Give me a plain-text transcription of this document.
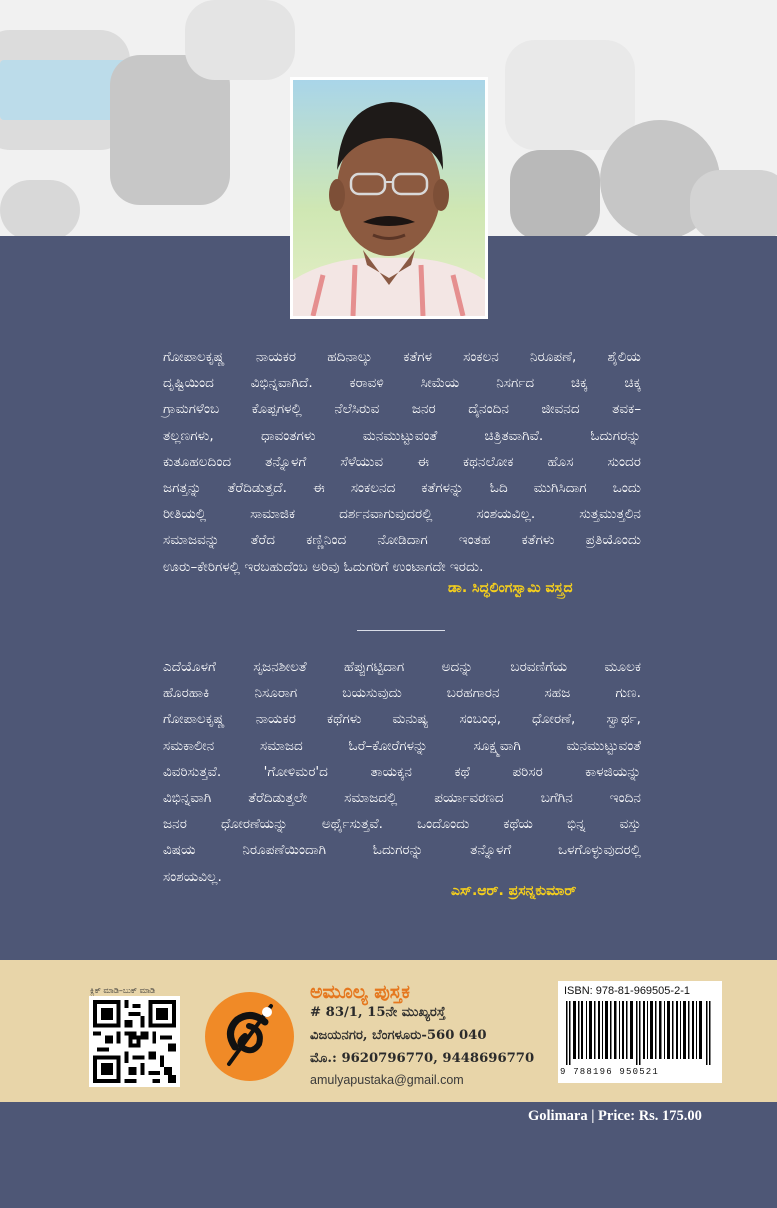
ಗೋಪಾಲಕೃಷ್ಣ ನಾಯಕರ ಹದಿನಾಲ್ಕು ಕತೆಗಳ ಸಂಕಲನ ನಿರೂಪಣೆ, ಶೈಲಿಯ
ದೃಷ್ಟಿಯಿಂದ ವಿಭಿನ್ನವಾಗಿದೆ. ಕರಾವಳಿ ಸೀಮೆಯ ನಿಸರ್ಗದ ಚಿಕ್ಕ ಚಿಕ್ಕ
ಗ್ರಾಮಗಳೆಂಬ ಕೊಪ್ಪಗಳಲ್ಲಿ ನೆಲೆಸಿರುವ ಜನರ ದೈನಂದಿನ ಜೀವನದ ತವಕ–
ತಲ್ಲಣಗಳು, ಧಾವಂತಗಳು ಮನಮುಟ್ಟುವಂತೆ ಚಿತ್ರಿತವಾಗಿವೆ. ಓದುಗರನ್ನು
ಕುತೂಹಲದಿಂದ ತನ್ನೊಳಗೆ ಸೆಳೆಯುವ ಈ ಕಥನಲೋಕ ಹೊಸ ಸುಂದರ
ಜಗತ್ತನ್ನು ತೆರೆದಿಡುತ್ತದೆ. ಈ ಸಂಕಲನದ ಕತೆಗಳನ್ನು ಓದಿ ಮುಗಿಸಿದಾಗ ಒಂದು
ರೀತಿಯಲ್ಲಿ ಸಾಮಾಜಿಕ ದರ್ಶನವಾಗುವುದರಲ್ಲಿ ಸಂಶಯವಿಲ್ಲ. ಸುತ್ತಮುತ್ತಲಿನ
ಸಮಾಜವನ್ನು ತೆರೆದ ಕಣ್ಣಿನಿಂದ ನೋಡಿದಾಗ ಇಂತಹ ಕತೆಗಳು ಪ್ರತಿಯೊಂದು
ಊರು–ಕೇರಿಗಳಲ್ಲಿ ಇರಬಹುದೆಂಬ ಅರಿವು ಓದುಗರಿಗೆ ಉಂಟಾಗದೇ ಇರದು.
ಡಾ. ಸಿದ್ಧಲಿಂಗಸ್ವಾಮಿ ವಸ್ತ್ರದ
ಎದೆಯೊಳಗೆ ಸೃಜನಶೀಲತೆ ಹೆಪ್ಪುಗಟ್ಟಿದಾಗ ಅದನ್ನು ಬರವಣಿಗೆಯ ಮೂಲಕ
ಹೊರಹಾಕಿ ನಿಸೂರಾಗ ಬಯಸುವುದು ಬರಹಗಾರನ ಸಹಜ ಗುಣ.
ಗೋಪಾಲಕೃಷ್ಣ ನಾಯಕರ ಕಥೆಗಳು ಮನುಷ್ಯ ಸಂಬಂಧ, ಧೋರಣೆ, ಸ್ವಾರ್ಥ,
ಸಮಕಾಲೀನ ಸಮಾಜದ ಓರೆ–ಕೋರೆಗಳನ್ನು ಸೂಕ್ಷ್ಮವಾಗಿ ಮನಮುಟ್ಟುವಂತೆ
ವಿವರಿಸುತ್ತವೆ. 'ಗೋಳಿಮರ'ದ ತಾಯಕ್ಕನ ಕಥೆ ಪರಿಸರ ಕಾಳಜಿಯನ್ನು
ವಿಭಿನ್ನವಾಗಿ ತೆರೆದಿಡುತ್ತಲೇ ಸಮಾಜದಲ್ಲಿ ಪರ್ಯಾವರಣದ ಬಗೆಗಿನ ಇಂದಿನ
ಜನರ ಧೋರಣೆಯನ್ನು ಅರ್ಥೈಸುತ್ತವೆ. ಒಂದೊಂದು ಕಥೆಯ ಭಿನ್ನ ವಸ್ತು
ವಿಷಯ ನಿರೂಪಣೆಯಿಂದಾಗಿ ಓದುಗರನ್ನು ತನ್ನೊಳಗೆ ಒಳಗೊಳ್ಳುವುದರಲ್ಲಿ
ಸಂಶಯವಿಲ್ಲ.
ಎಸ್.ಆರ್. ಪ್ರಸನ್ನಕುಮಾರ್
ಕ್ಲಿಕ್ ಮಾಡಿ–ಬುಕ್ ಮಾಡಿ	ಅಮೂಲ್ಯ ಪುಸ್ತಕ
# 83/1, 15ನೇ ಮುಖ್ಯರಸ್ತೆ
ವಿಜಯನಗರ, ಬೆಂಗಳೂರು-560 040
ಮೊ.: 9620796770, 9448696770
amulyapustaka@gmail.com
ISBN: 978-81-969505-2-1
9 788196 950521
Golimara | Price: Rs. 175.00
